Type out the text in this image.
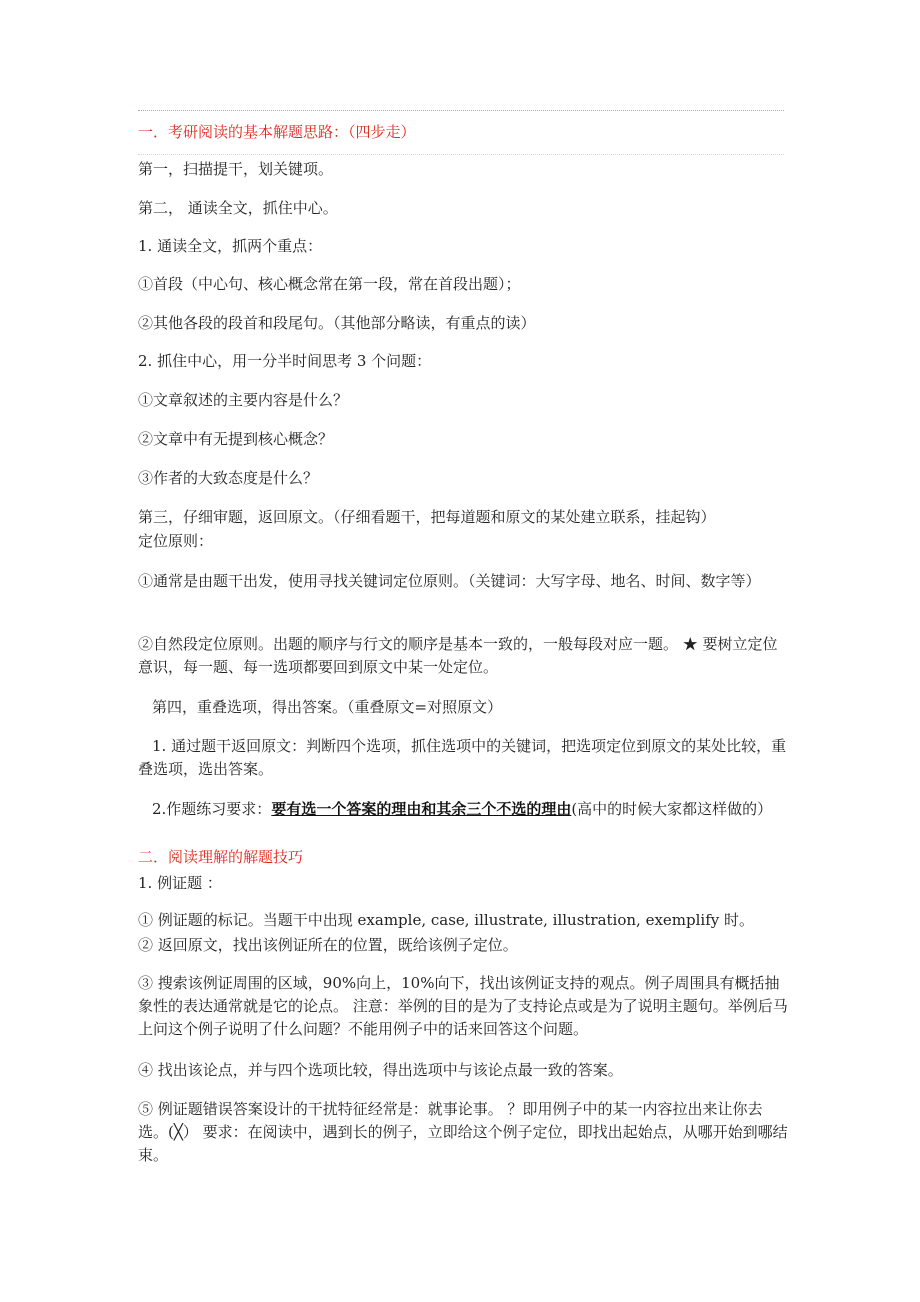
一．考研阅读的基本解题思路：（四步走）
第一，扫描提干，划关键项。
第二， 通读全文，抓住中心。
1. 通读全文，抓两个重点：
①首段（中心句、核心概念常在第一段，常在首段出题）；
②其他各段的段首和段尾句。（其他部分略读，有重点的读）
2. 抓住中心，用一分半时间思考 3 个问题：
①文章叙述的主要内容是什么？
②文章中有无提到核心概念？
③作者的大致态度是什么？
第三，仔细审题，返回原文。（仔细看题干，把每道题和原文的某处建立联系，挂起钩）
定位原则：
①通常是由题干出发，使用寻找关键词定位原则。（关键词：大写字母、地名、时间、数字等）
②自然段定位原则。出题的顺序与行文的顺序是基本一致的，一般每段对应一题。 ★ 要树立定位意识，每一题、每一选项都要回到原文中某一处定位。
第四，重叠选项，得出答案。（重叠原文=对照原文）
1. 通过题干返回原文：判断四个选项，抓住选项中的关键词，把选项定位到原文的某处比较，重叠选项，选出答案。
2.作题练习要求：要有选一个答案的理由和其余三个不选的理由(高中的时候大家都这样做的）
二．阅读理解的解题技巧
1. 例证题 ：
① 例证题的标记。当题干中出现 example, case, illustrate, illustration, exemplify 时。
② 返回原文，找出该例证所在的位置，既给该例子定位。
③ 搜索该例证周围的区域，90%向上，10%向下，找出该例证支持的观点。例子周围具有概括抽象性的表达通常就是它的论点。 注意：举例的目的是为了支持论点或是为了说明主题句。举例后马上问这个例子说明了什么问题？不能用例子中的话来回答这个问题。
④ 找出该论点，并与四个选项比较，得出选项中与该论点最一致的答案。
⑤ 例证题错误答案设计的干扰特征经常是：就事论事。 ？即用例子中的某一内容拉出来让你去选。(╳） 要求：在阅读中，遇到长的例子，立即给这个例子定位，即找出起始点，从哪开始到哪结束。
